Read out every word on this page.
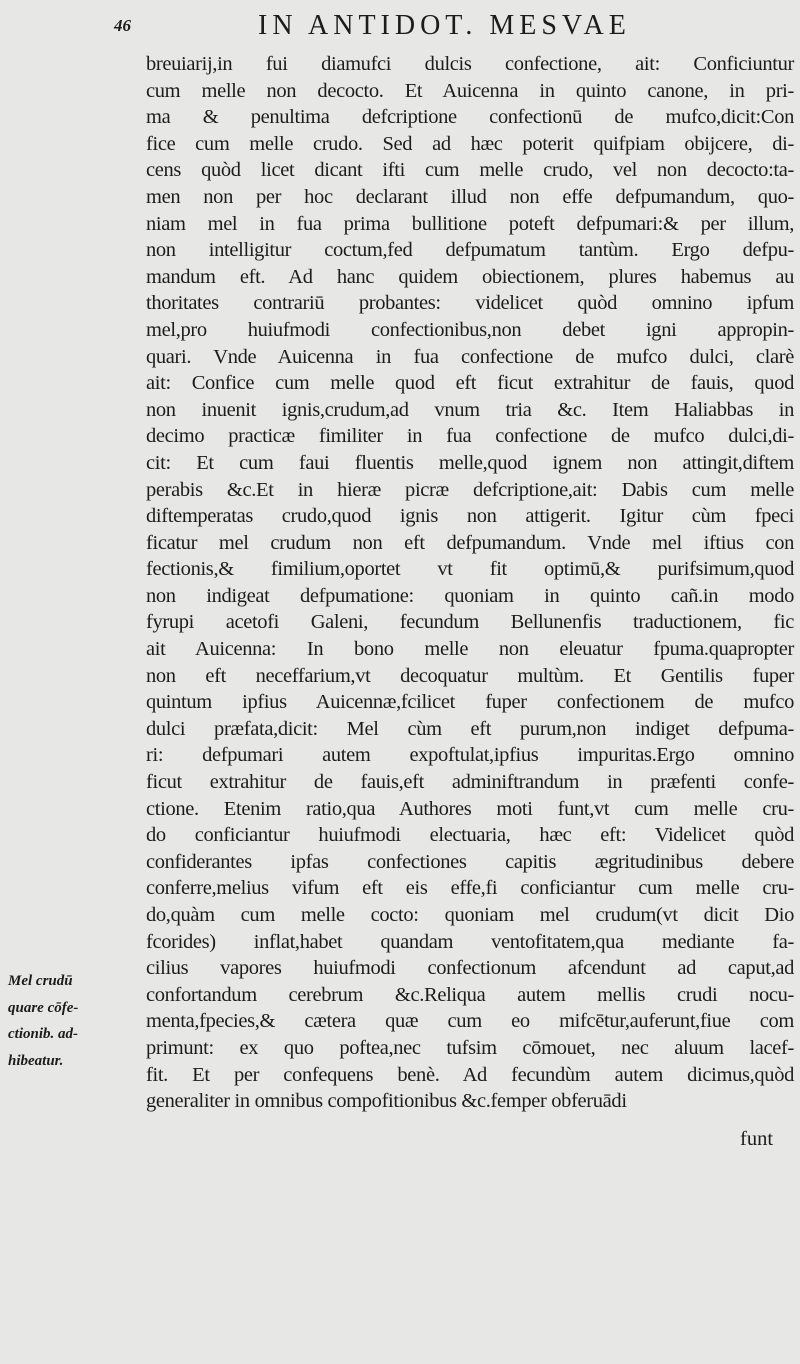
46	IN ANTIDOT. MESVAE
breuiarij,in fui diamufci dulcis confectione, ait: Conficiuntur
cum melle non decocto. Et Auicenna in quinto canone, in pri-
ma & penultima defcriptione confectionū de mufco,dicit:Con
fice cum melle crudo. Sed ad hæc poterit quifpiam obijcere, di-
cens quòd licet dicant ifti cum melle crudo, vel non decocto:ta-
men non per hoc declarant illud non effe defpumandum, quo-
niam mel in fua prima bullitione poteft defpumari:& per illum,
non intelligitur coctum,fed defpumatum tantùm. Ergo defpu-
mandum eft. Ad hanc quidem obiectionem, plures habemus au
thoritates contrariū probantes: videlicet quòd omnino ipfum
mel,pro huiufmodi confectionibus,non debet igni appropin-
quari. Vnde Auicenna in fua confectione de mufco dulci, clarè
ait: Confice cum melle quod eft ficut extrahitur de fauis, quod
non inuenit ignis,crudum,ad vnum tria &c. Item Haliabbas in
decimo practicæ fimiliter in fua confectione de mufco dulci,di-
cit: Et cum faui fluentis melle,quod ignem non attingit,diftem
perabis &c.Et in hieræ picræ defcriptione,ait: Dabis cum melle
diftemperatas crudo,quod ignis non attigerit. Igitur cùm fpeci
ficatur mel crudum non eft defpumandum. Vnde mel iftius con
fectionis,& fimilium,oportet vt fit optimū,& purifsimum,quod
non indigeat defpumatione: quoniam in quinto cañ.in modo
fyrupi acetofi Galeni, fecundum Bellunenfis traductionem, fic
ait Auicenna: In bono melle non eleuatur fpuma.quapropter
non eft neceffarium,vt decoquatur multùm. Et Gentilis fuper
quintum ipfius Auicennæ,fcilicet fuper confectionem de mufco
dulci præfata,dicit: Mel cùm eft purum,non indiget defpuma-
ri: defpumari autem expoftulat,ipfius impuritas.Ergo omnino
ficut extrahitur de fauis,eft adminiftrandum in præfenti confe-
ctione. Etenim ratio,qua Authores moti funt,vt cum melle cru-
do conficiantur huiufmodi electuaria, hæc eft: Videlicet quòd
confiderantes ipfas confectiones capitis ægritudinibus debere
conferre,melius vifum eft eis effe,fi conficiantur cum melle cru-
do,quàm cum melle cocto: quoniam mel crudum(vt dicit Dio
fcorides) inflat,habet quandam ventofitatem,qua mediante fa-
cilius vapores huiufmodi confectionum afcendunt ad caput,ad
confortandum cerebrum &c.Reliqua autem mellis crudi nocu-
menta,fpecies,& cætera quæ cum eo mifcētur,auferunt,fiue com
primunt: ex quo poftea,nec tufsim cōmouet, nec aluum lacef-
fit. Et per confequens benè. Ad fecundùm autem dicimus,quòd
generaliter in omnibus compofitionibus &c.femper obferuādi
funt
Mel crudū
quare cōfe-
ctionib. ad-
hibeatur.
